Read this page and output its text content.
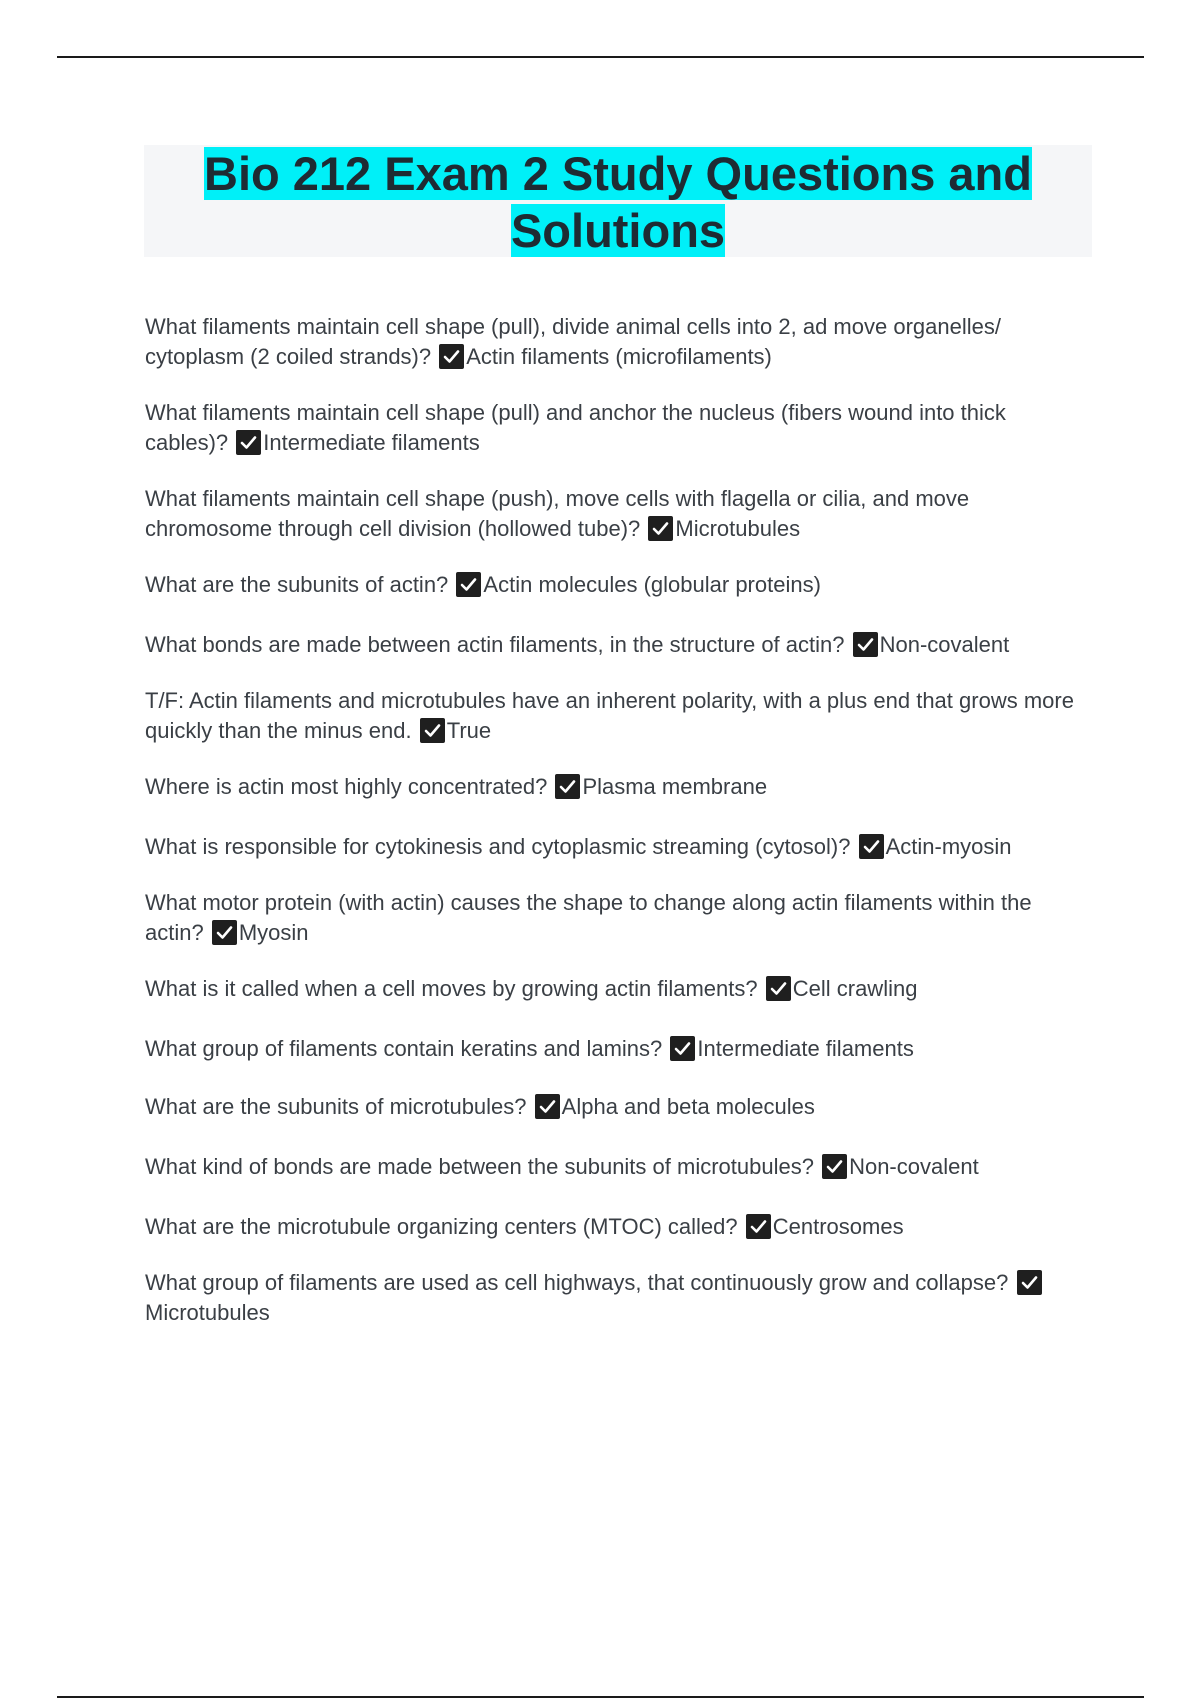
Bio 212 Exam 2 Study Questions and Solutions

What filaments maintain cell shape (pull), divide animal cells into 2, ad move organelles/ cytoplasm (2 coiled strands)? Actin filaments (microfilaments)

What filaments maintain cell shape (pull) and anchor the nucleus (fibers wound into thick cables)? Intermediate filaments

What filaments maintain cell shape (push), move cells with flagella or cilia, and move chromosome through cell division (hollowed tube)? Microtubules

What are the subunits of actin? Actin molecules (globular proteins)

What bonds are made between actin filaments, in the structure of actin? Non-covalent

T/F: Actin filaments and microtubules have an inherent polarity, with a plus end that grows more quickly than the minus end. True

Where is actin most highly concentrated? Plasma membrane

What is responsible for cytokinesis and cytoplasmic streaming (cytosol)? Actin-myosin

What motor protein (with actin) causes the shape to change along actin filaments within the actin? Myosin

What is it called when a cell moves by growing actin filaments? Cell crawling

What group of filaments contain keratins and lamins? Intermediate filaments

What are the subunits of microtubules? Alpha and beta molecules

What kind of bonds are made between the subunits of microtubules? Non-covalent

What are the microtubule organizing centers (MTOC) called? Centrosomes

What group of filaments are used as cell highways, that continuously grow and collapse?
Microtubules
